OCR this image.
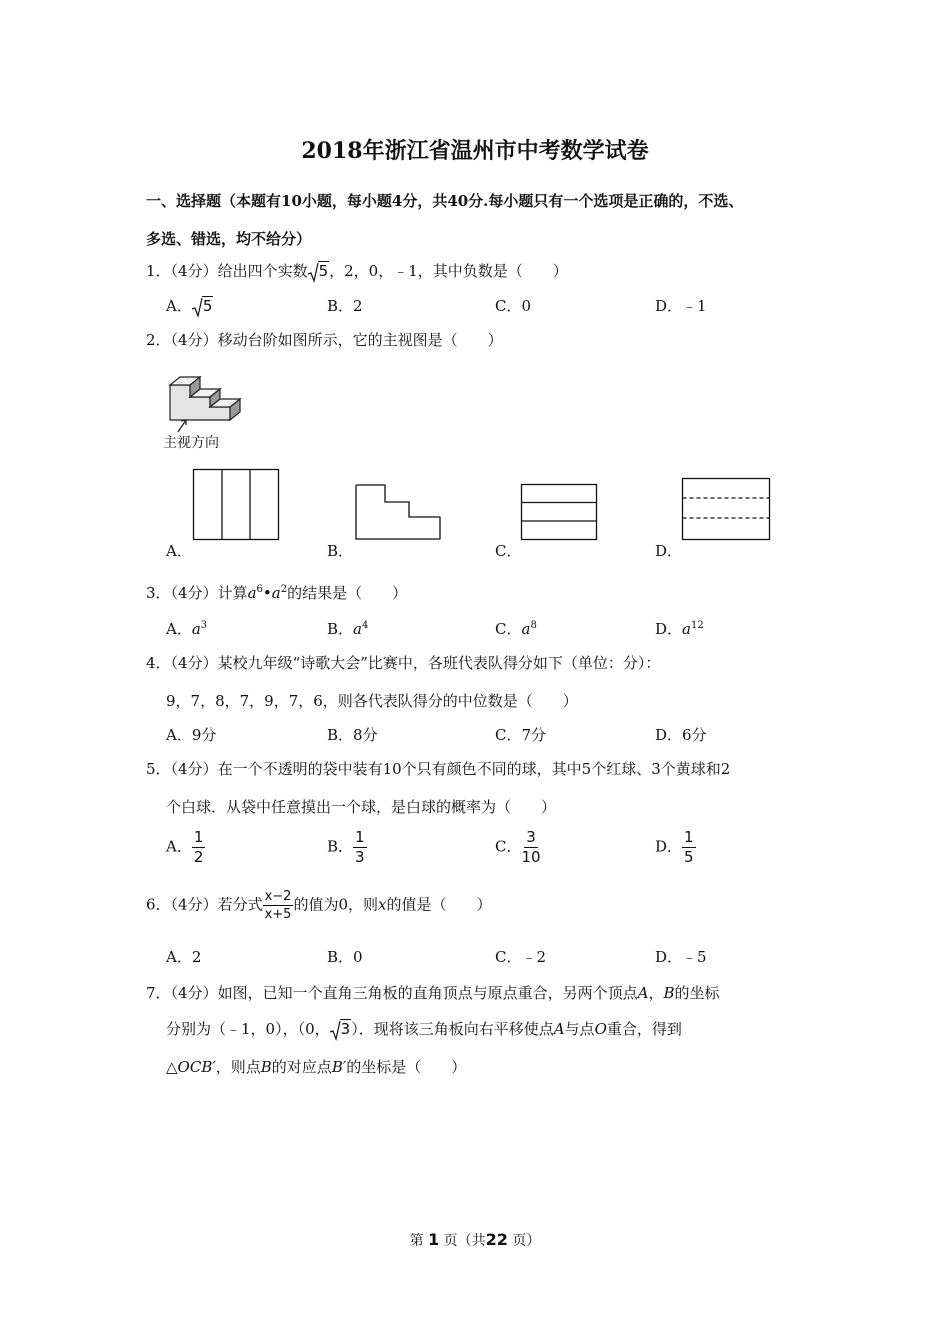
2018年浙江省温州市中考数学试卷
一、选择题（本题有10小题，每小题4分，共40分.每小题只有一个选项是正确的，不选、
多选、错选，均不给分）
1．（4分）给出四个实数 5，2，0，﹣1，其中负数是（　　）
A． 5	B．2	C．0	D．﹣1
2．（4分）移动台阶如图所示，它的主视图是（　　）
主视方向
A．	B．	C．	D．
3．（4分）计算$a^6•a^2$的结果是（　　）
A．$a^3$	B．$a^4$	C．$a^8$	D．$a^{12}$
4．（4分）某校九年级“诗歌大会”比赛中，各班代表队得分如下（单位：分）：
9，7，8，7，9，7，6，则各代表队得分的中位数是（　　）
A．9分	B．8分	C．7分	D．6分
5．（4分）在一个不透明的袋中装有10个只有颜色不同的球，其中5个红球、3个黄球和2
个白球．从袋中任意摸出一个球，是白球的概率为（　　）
A． $\frac{1}{2}$	B． $\frac{1}{3}$	C． $\frac{3}{10}$	D． $\frac{1}{5}$
6．（4分）若分式 $\frac{x-2}{x+5}$ 的值为0，则x的值是（　　）
A．2	B．0	C．﹣2	D．﹣5
7．（4分）如图，已知一个直角三角板的直角顶点与原点重合，另两个顶点A，B的坐标
分别为（﹣1，0），（0， 3）．现将该三角板向右平移使点A与点O重合，得到
△OCB′，则点B的对应点B′的坐标是（　　）
第 1 页（共22 页）
